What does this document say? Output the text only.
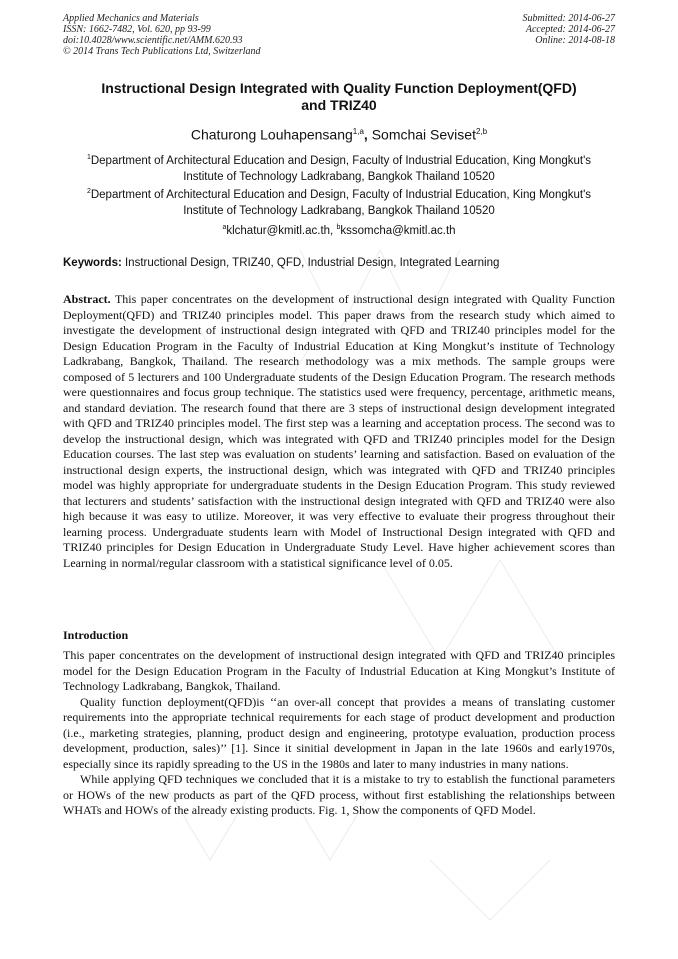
Applied Mechanics and Materials
ISSN: 1662-7482, Vol. 620, pp 93-99
doi:10.4028/www.scientific.net/AMM.620.93
© 2014 Trans Tech Publications Ltd, Switzerland
Submitted: 2014-06-27
Accepted: 2014-06-27
Online: 2014-08-18
Instructional Design Integrated with Quality Function Deployment(QFD)
and TRIZ40
Chaturong Louhapensang$^{1,a}$, Somchai Seviset$^{2,b}$
$^1$Department of Architectural Education and Design, Faculty of Industrial Education, King Mongkut's
Institute of Technology Ladkrabang, Bangkok Thailand 10520
$^2$Department of Architectural Education and Design, Faculty of Industrial Education, King Mongkut's
Institute of Technology Ladkrabang, Bangkok Thailand 10520
$^a$klchatur@kmitl.ac.th, $^b$kssomcha@kmitl.ac.th
Keywords: Instructional Design, TRIZ40, QFD, Industrial Design, Integrated Learning
Abstract. This paper concentrates on the development of instructional design integrated with Quality Function Deployment(QFD) and TRIZ40 principles model. This paper draws from the research study which aimed to investigate the development of instructional design integrated with QFD and TRIZ40 principles model for the Design Education Program in the Faculty of Industrial Education at King Mongkut’s institute of Technology Ladkrabang, Bangkok, Thailand. The research methodology was a mix methods. The sample groups were composed of 5 lecturers and 100 Undergraduate students of the Design Education Program. The research methods were questionnaires and focus group technique. The statistics used were frequency, percentage, arithmetic means, and standard deviation. The research found that there are 3 steps of instructional design development integrated with QFD and TRIZ40 principles model. The first step was a learning and acceptation process. The second was to develop the instructional design, which was integrated with QFD and TRIZ40 principles model for the Design Education courses. The last step was evaluation on students’ learning and satisfaction. Based on evaluation of the instructional design experts, the instructional design, which was integrated with QFD and TRIZ40 principles model was highly appropriate for undergraduate students in the Design Education Program. This study reviewed that lecturers and students’ satisfaction with the instructional design integrated with QFD and TRIZ40 were also high because it was easy to utilize. Moreover, it was very effective to evaluate their progress throughout their learning process. Undergraduate students learn with Model of Instructional Design integrated with QFD and TRIZ40 principles for Design Education in Undergraduate Study Level. Have higher achievement scores than Learning in normal/regular classroom with a statistical significance level of 0.05.
Introduction

This paper concentrates on the development of instructional design integrated with QFD and TRIZ40 principles model for the Design Education Program in the Faculty of Industrial Education at King Mongkut’s Institute of Technology Ladkrabang, Bangkok, Thailand.

Quality function deployment(QFD)is ‘‘an over-all concept that provides a means of translating customer requirements into the appropriate technical requirements for each stage of product development and production (i.e., marketing strategies, planning, product design and engineering, prototype evaluation, production process development, production, sales)’’ [1]. Since it sinitial development in Japan in the late 1960s and early1970s, especially since its rapidly spreading to the US in the 1980s and later to many industries in many nations.

While applying QFD techniques we concluded that it is a mistake to try to establish the functional parameters or HOWs of the new products as part of the QFD process, without first establishing the relationships between WHATs and HOWs of the already existing products. Fig. 1, Show the components of QFD Model.
